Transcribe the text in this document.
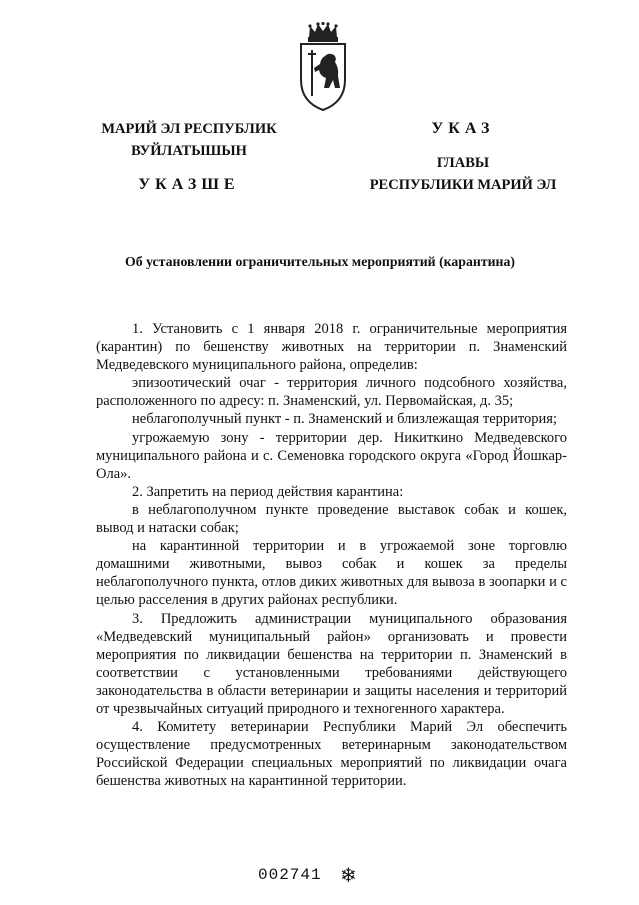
МАРИЙ ЭЛ РЕСПУБЛИК
ВУЙЛАТЫШЫН
УКАЗШЕ
УКАЗ
ГЛАВЫ
РЕСПУБЛИКИ МАРИЙ ЭЛ
Об установлении ограничительных мероприятий (карантина)

1. Установить с 1 января 2018 г. ограничительные мероприятия (карантин) по бешенству животных на территории п. Знаменский Медведевского муниципального района, определив:

эпизоотический очаг - территория личного подсобного хозяйства, расположенного по адресу: п. Знаменский, ул. Первомайская, д. 35;

неблагополучный пункт - п. Знаменский и близлежащая территория;

угрожаемую зону - территории дер. Никиткино Медведевского муниципального района и с. Семеновка городского округа «Город Йошкар-Ола».

2. Запретить на период действия карантина:

в неблагополучном пункте проведение выставок собак и кошек, вывод и натаски собак;

на карантинной территории и в угрожаемой зоне торговлю домашними животными, вывоз собак и кошек за пределы неблагополучного пункта, отлов диких животных для вывоза в зоопарки и с целью расселения в других районах республики.

3. Предложить администрации муниципального образования «Медведевский муниципальный район» организовать и провести мероприятия по ликвидации бешенства на территории п. Знаменский в соответствии с установленными требованиями действующего законодательства в области ветеринарии и защиты населения и территорий от чрезвычайных ситуаций природного и техногенного характера.

4. Комитету ветеринарии Республики Марий Эл обеспечить осуществление предусмотренных ветеринарным законодательством Российской Федерации специальных мероприятий по ликвидации очага бешенства животных на карантинной территории.

002741 ❄
